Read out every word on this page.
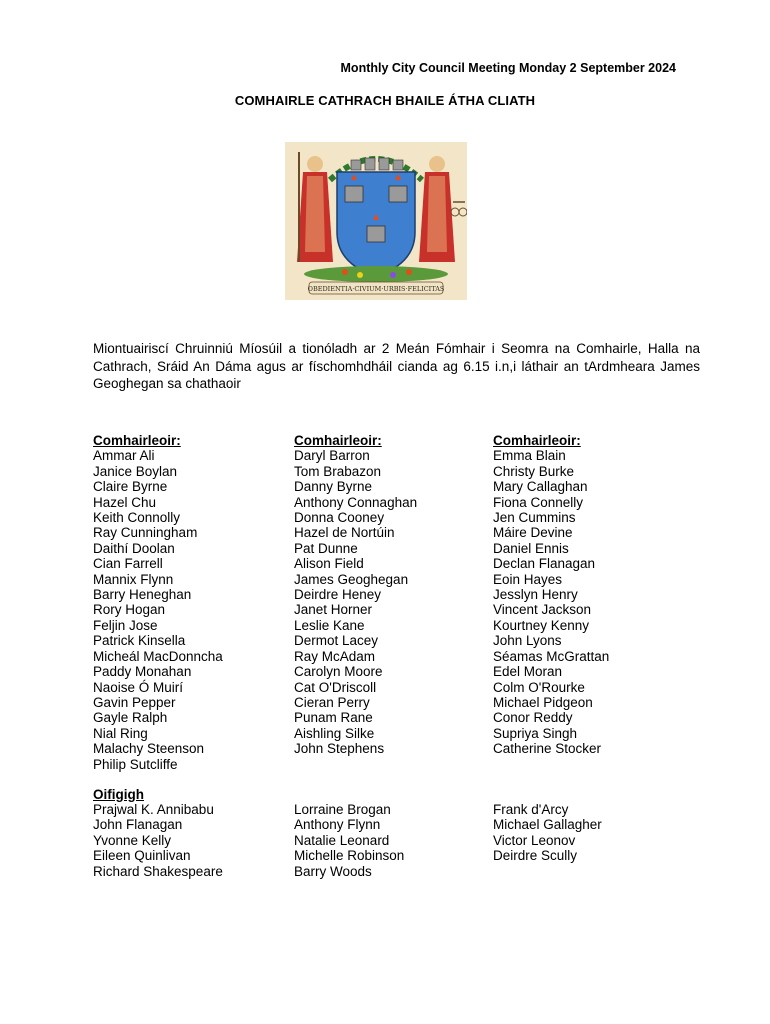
Monthly City Council Meeting Monday 2 September 2024
COMHAIRLE CATHRACH BHAILE ÁTHA CLIATH
OBEDIENTIA·CIVIUM·URBIS·FELICITAS
Miontuairiscí Chruinniú Míosúil a tionóladh ar 2 Meán Fómhair i Seomra na Comhairle, Halla na Cathrach, Sráid An Dáma agus ar físchomhdháil cianda ag 6.15 i.n,i láthair an tArdmheara James Geoghegan sa chathaoir
Comhairleoir:
Ammar Ali
Janice Boylan
Claire Byrne
Hazel Chu
Keith Connolly
Ray Cunningham
Daithí Doolan
Cian Farrell
Mannix Flynn
Barry Heneghan
Rory Hogan
Feljin Jose
Patrick Kinsella
Micheál MacDonncha
Paddy Monahan
Naoise Ó Muirí
Gavin Pepper
Gayle Ralph
Nial Ring
Malachy Steenson
Philip Sutcliffe
Comhairleoir:
Daryl Barron
Tom Brabazon
Danny Byrne
Anthony Connaghan
Donna Cooney
Hazel de Nortúin
Pat Dunne
Alison Field
James Geoghegan
Deirdre Heney
Janet Horner
Leslie Kane
Dermot Lacey
Ray McAdam
Carolyn Moore
Cat O'Driscoll
Cieran Perry
Punam Rane
Aishling Silke
John Stephens
Comhairleoir:
Emma Blain
Christy Burke
Mary Callaghan
Fiona Connelly
Jen Cummins
Máire Devine
Daniel Ennis
Declan Flanagan
Eoin Hayes
Jesslyn Henry
Vincent Jackson
Kourtney Kenny
John Lyons
Séamas McGrattan
Edel Moran
Colm O'Rourke
Michael Pidgeon
Conor Reddy
Supriya Singh
Catherine Stocker
Oifigigh
Prajwal K. Annibabu
John Flanagan
Yvonne Kelly
Eileen Quinlivan
Richard Shakespeare
Lorraine Brogan
Anthony Flynn
Natalie Leonard
Michelle Robinson
Barry Woods
Frank d'Arcy
Michael Gallagher
Victor Leonov
Deirdre Scully
